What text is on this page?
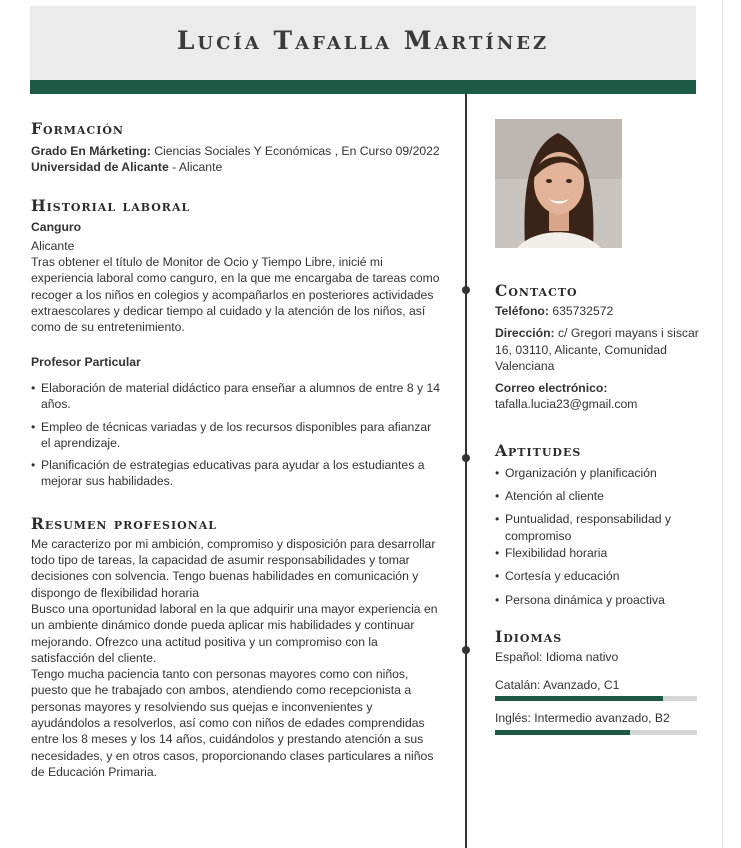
Lucía Tafalla Martínez
Formación

Grado En Márketing: Ciencias Sociales Y Económicas , En Curso 09/2022

Universidad de Alicante - Alicante

Historial laboral

Canguro

Alicante

Tras obtener el título de Monitor de Ocio y Tiempo Libre, inicié mi experiencia laboral como canguro, en la que me encargaba de tareas como recoger a los niños en colegios y acompañarlos en posteriores actividades extraescolares y dedicar tiempo al cuidado y la atención de los niños, así como de su entretenimiento.

Profesor Particular

• Elaboración de material didáctico para enseñar a alumnos de entre 8 y 14 años.
• Empleo de técnicas variadas y de los recursos disponibles para afianzar el aprendizaje.
• Planificación de estrategias educativas para ayudar a los estudiantes a mejorar sus habilidades.
Resumen profesional

Me caracterizo por mi ambición, compromiso y disposición para desarrollar todo tipo de tareas, la capacidad de asumir responsabilidades y tomar decisiones con solvencia. Tengo buenas habilidades en comunicación y dispongo de flexibilidad horaria

Busco una oportunidad laboral en la que adquirir una mayor experiencia en un ambiente dinámico donde pueda aplicar mis habilidades y continuar mejorando. Ofrezco una actitud positiva y un compromiso con la satisfacción del cliente.

Tengo mucha paciencia tanto con personas mayores como con niños, puesto que he trabajado con ambos, atendiendo como recepcionista a personas mayores y resolviendo sus quejas e inconvenientes y ayudándolos a resolverlos, así como con niños de edades comprendidas entre los 8 meses y los 14 años, cuidándolos y prestando atención a sus necesidades, y en otros casos, proporcionando clases particulares a niños de Educación Primaria.

Contacto

Teléfono: 635732572

Dirección: c/ Gregori mayans i siscar 16, 03110, Alicante, Comunidad Valenciana

Correo electrónico:

tafalla.lucia23@gmail.com

Aptitudes
• Organización y planificación
• Atención al cliente
• Puntualidad, responsabilidad y compromiso
• Flexibilidad horaria
• Cortesía y educación
• Persona dinámica y proactiva
Idiomas

Español: Idioma nativo

Catalán: Avanzado, C1

Inglés: Intermedio avanzado, B2
